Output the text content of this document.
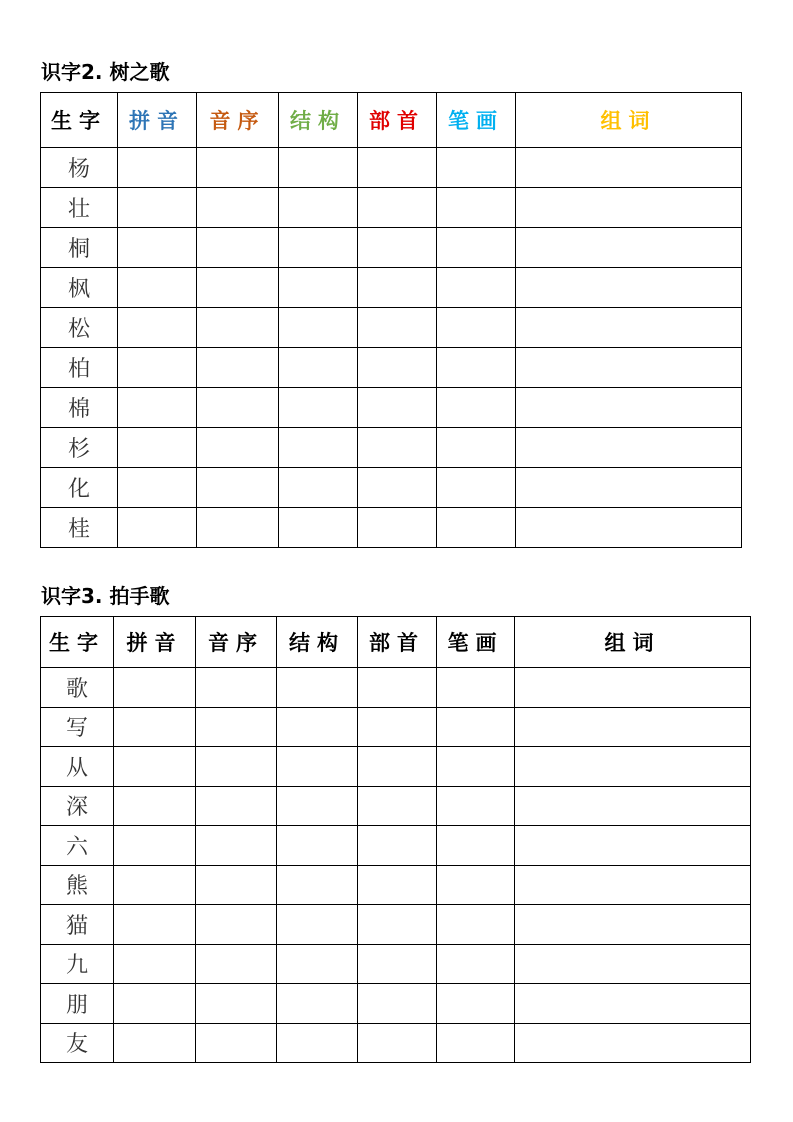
识字2. 树之歌
生字	拼音	音序	结构	部首	笔画	组词
杨						
壮						
桐						
枫						
松						
柏						
棉						
杉						
化						
桂						
识字3. 拍手歌
生字	拼音	音序	结构	部首	笔画	组词
歌						
写						
从						
深						
六						
熊						
猫						
九						
朋						
友						
